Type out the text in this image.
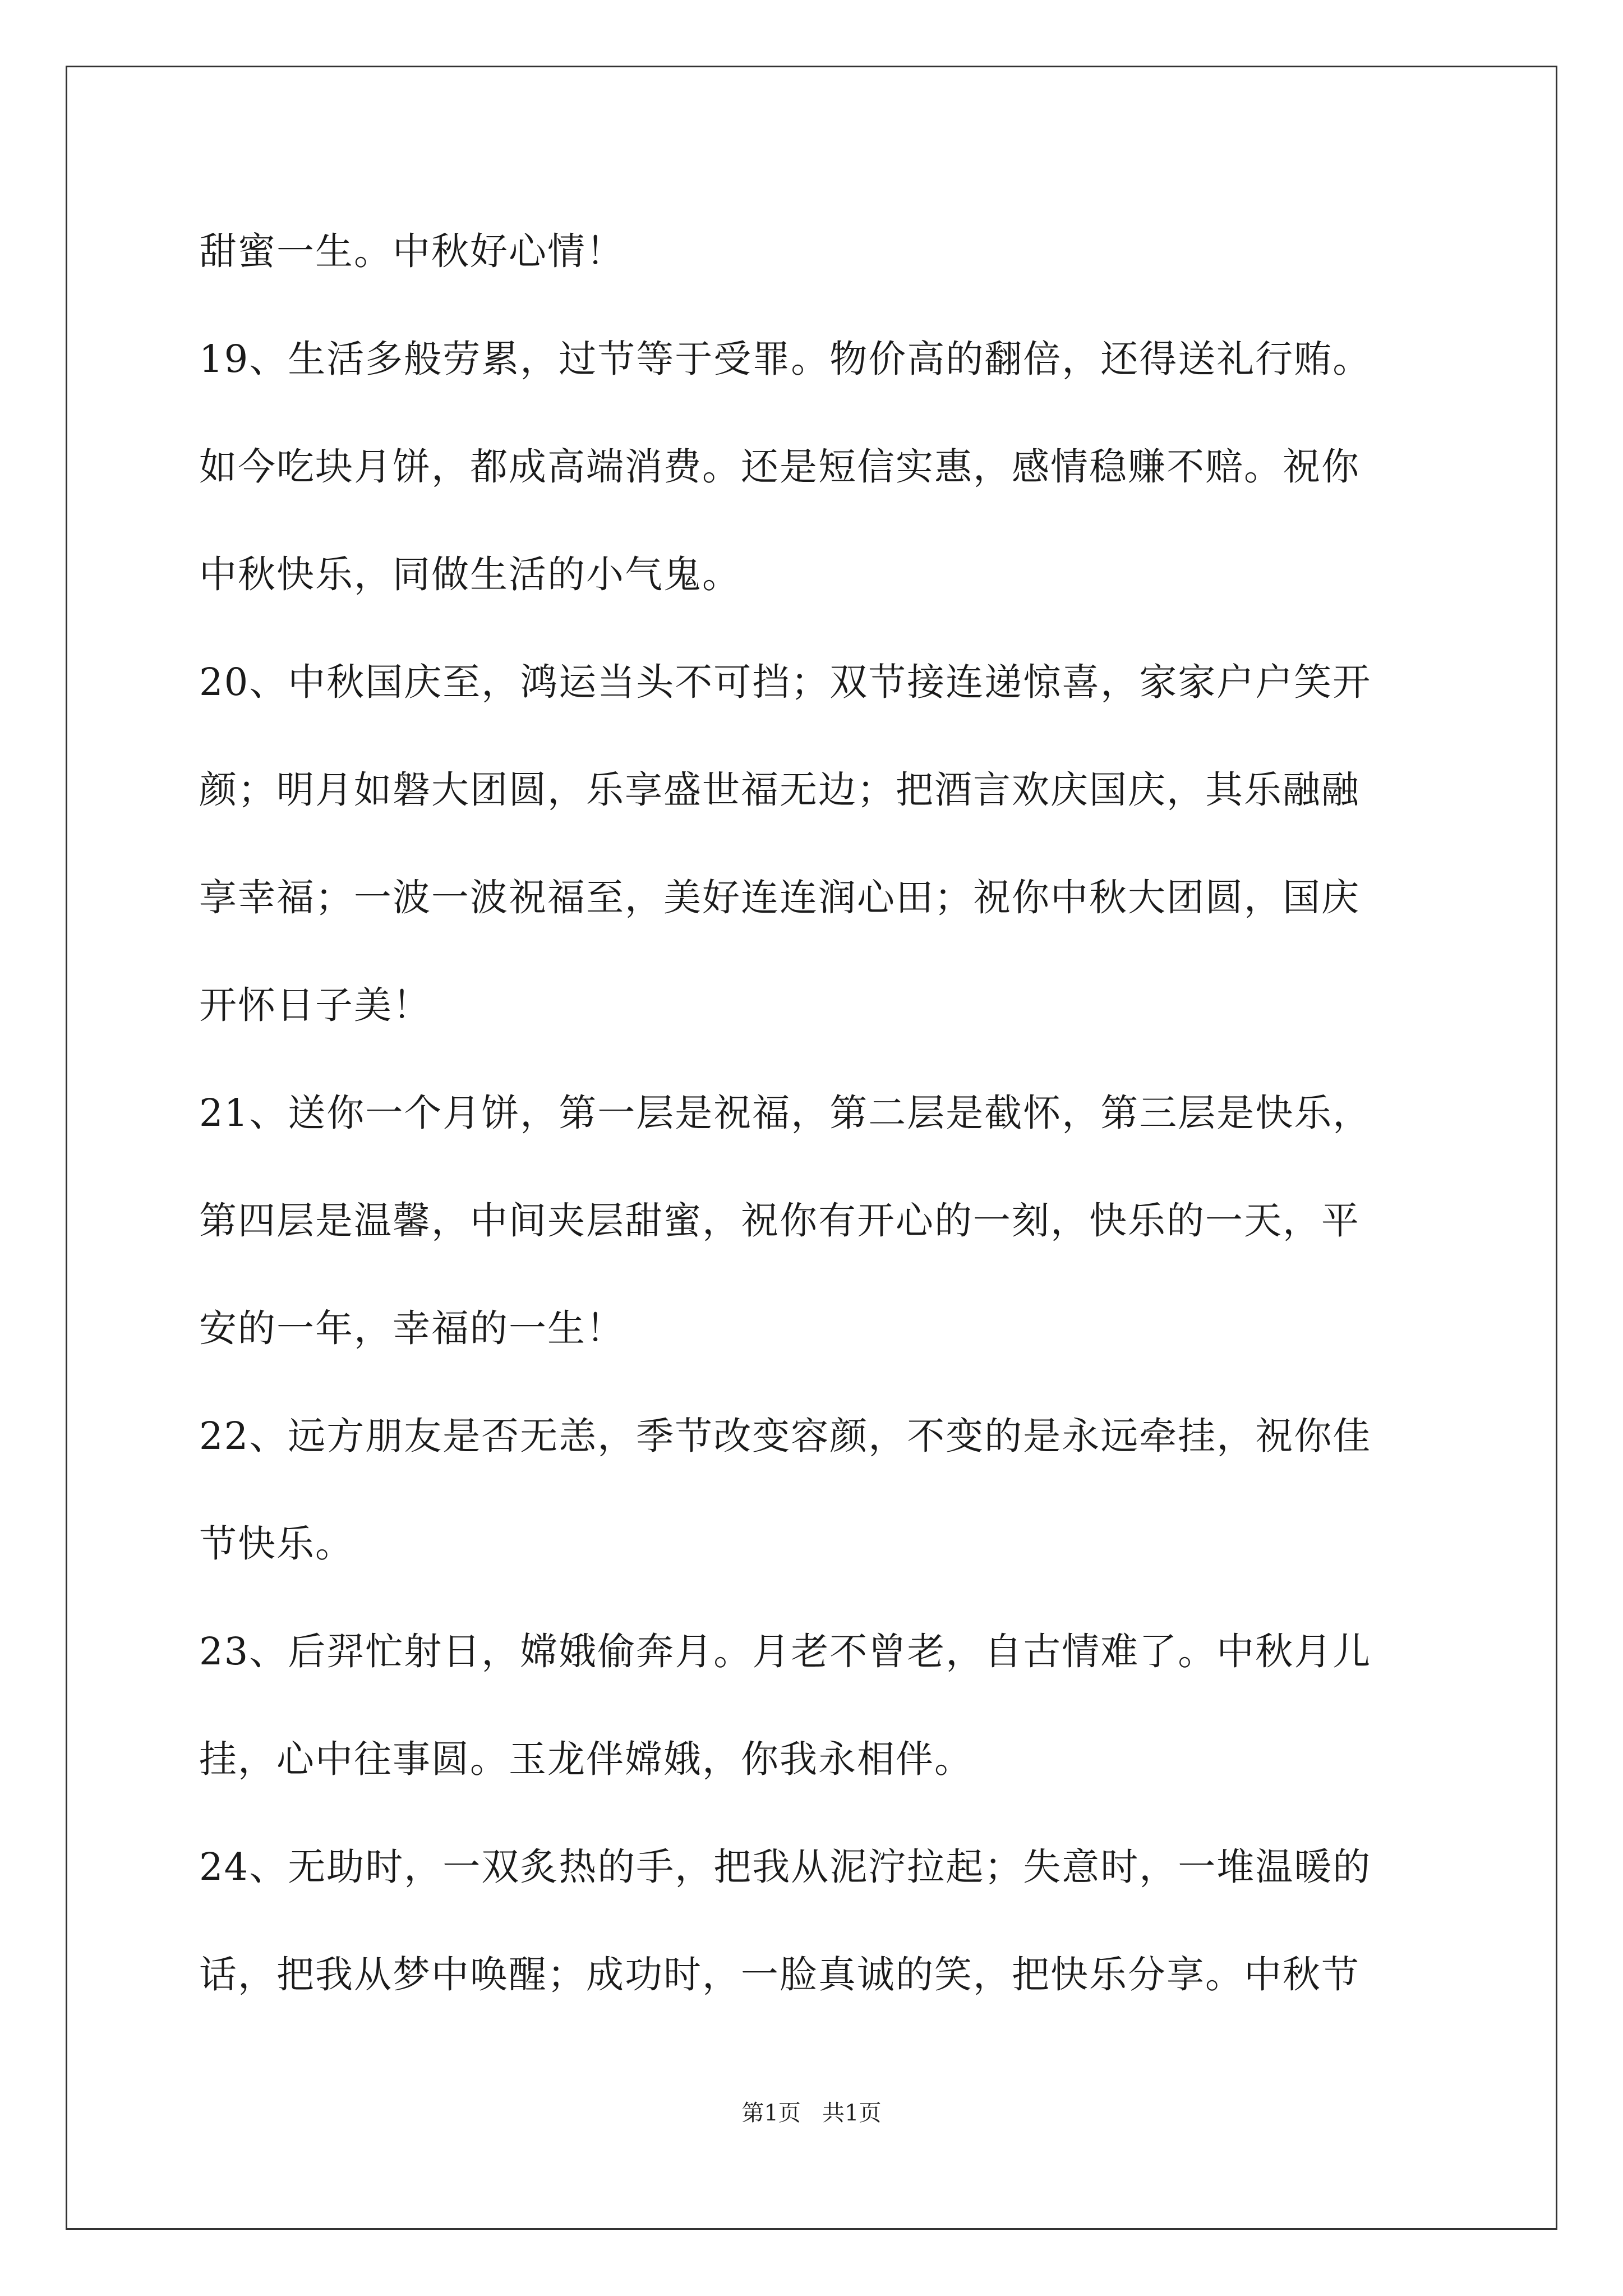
甜蜜一生。中秋好心情！
19、生活多般劳累，过节等于受罪。物价高的翻倍，还得送礼行贿。
如今吃块月饼，都成高端消费。还是短信实惠，感情稳赚不赔。祝你
中秋快乐，同做生活的小气鬼。
20、中秋国庆至，鸿运当头不可挡；双节接连递惊喜，家家户户笑开
颜；明月如磐大团圆，乐享盛世福无边；把酒言欢庆国庆，其乐融融
享幸福；一波一波祝福至，美好连连润心田；祝你中秋大团圆，国庆
开怀日子美！
21、送你一个月饼，第一层是祝福，第二层是截怀，第三层是快乐，
第四层是温馨，中间夹层甜蜜，祝你有开心的一刻，快乐的一天，平
安的一年，幸福的一生！
22、远方朋友是否无恙，季节改变容颜，不变的是永远牵挂，祝你佳
节快乐。
23、后羿忙射日，嫦娥偷奔月。月老不曾老，自古情难了。中秋月儿
挂，心中往事圆。玉龙伴嫦娥，你我永相伴。
24、无助时，一双炙热的手，把我从泥泞拉起；失意时，一堆温暖的
话，把我从梦中唤醒；成功时，一脸真诚的笑，把快乐分享。中秋节
第1页   共1页
